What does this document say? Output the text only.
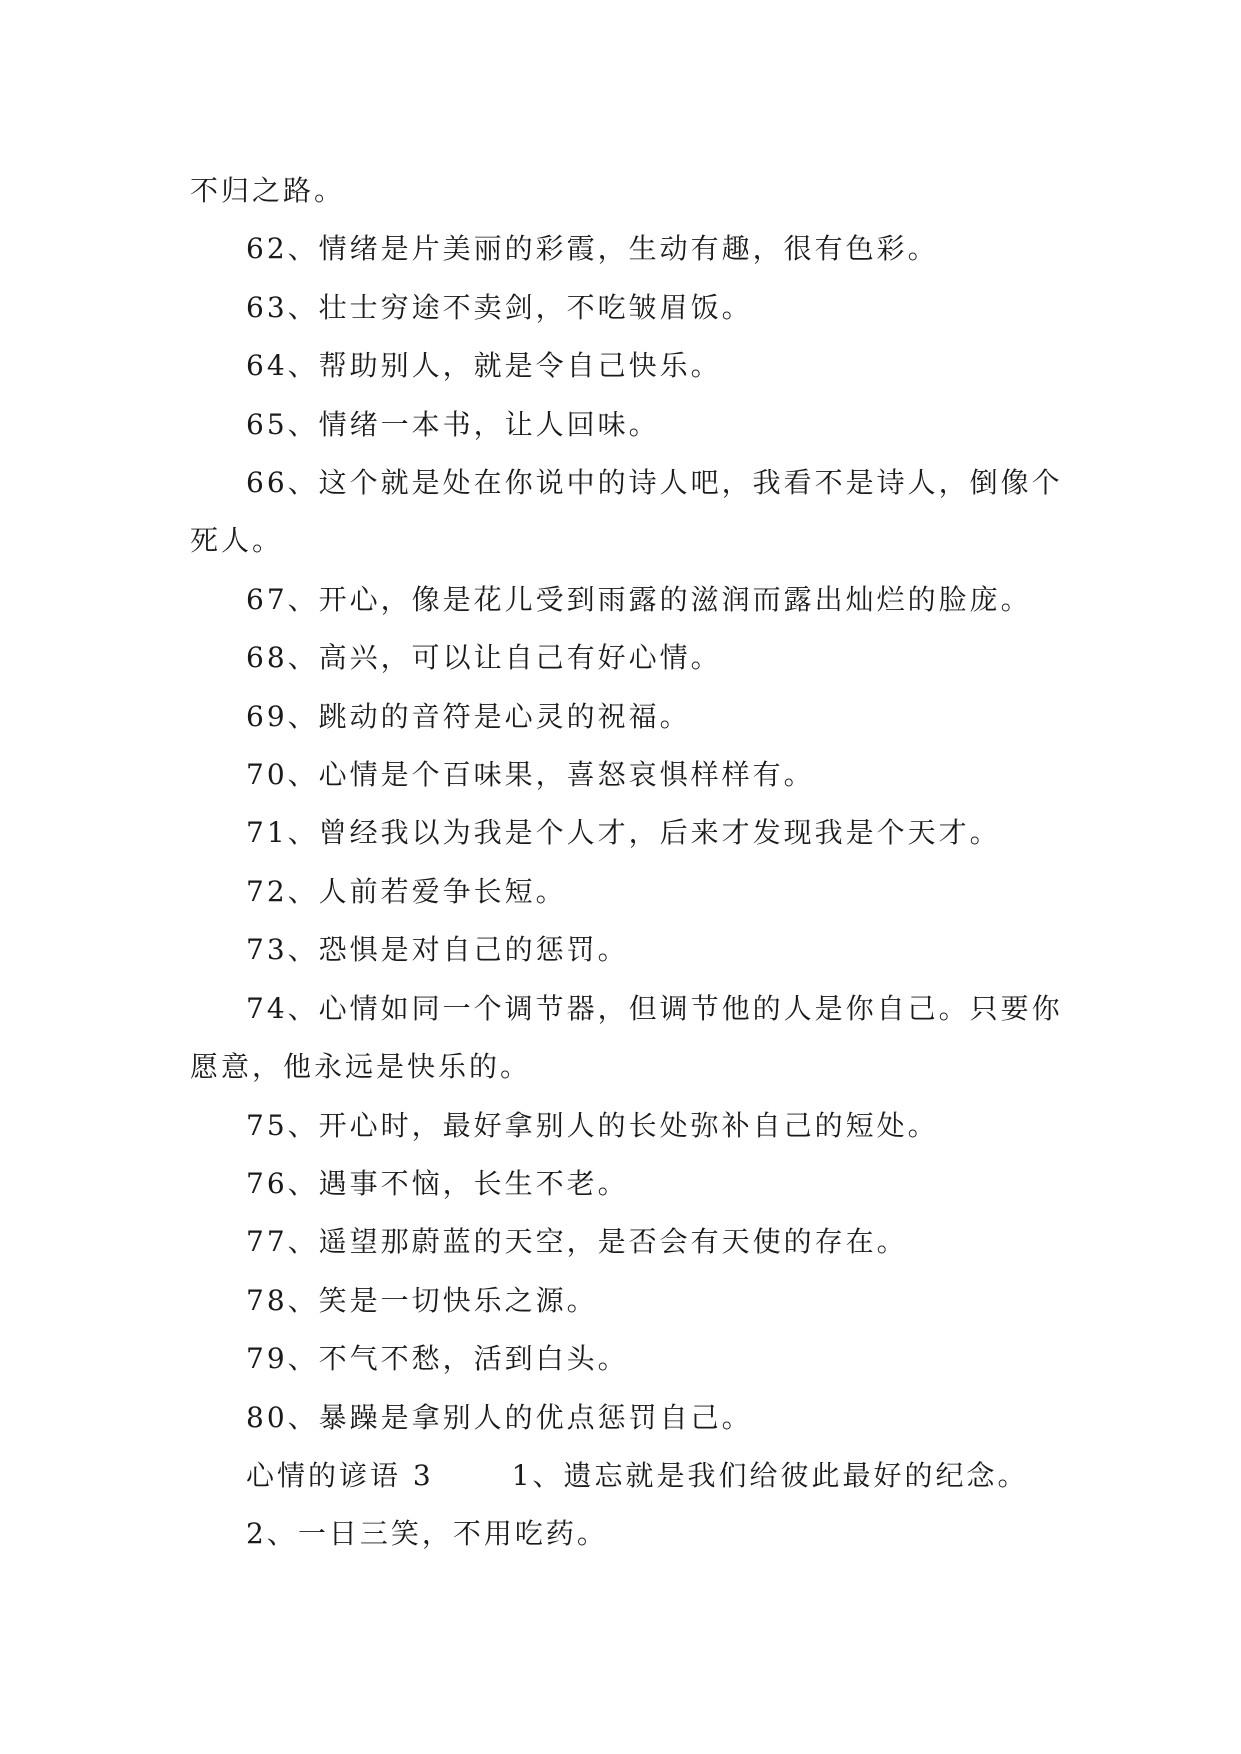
不归之路。

62、情绪是片美丽的彩霞，生动有趣，很有色彩。

63、壮士穷途不卖剑，不吃皱眉饭。

64、帮助别人，就是令自己快乐。

65、情绪一本书，让人回味。

66、这个就是处在你说中的诗人吧，我看不是诗人，倒像个死人。

67、开心，像是花儿受到雨露的滋润而露出灿烂的脸庞。

68、高兴，可以让自己有好心情。

69、跳动的音符是心灵的祝福。

70、心情是个百味果，喜怒哀惧样样有。

71、曾经我以为我是个人才，后来才发现我是个天才。

72、人前若爱争长短。

73、恐惧是对自己的惩罚。

74、心情如同一个调节器，但调节他的人是你自己。只要你愿意，他永远是快乐的。

75、开心时，最好拿别人的长处弥补自己的短处。

76、遇事不恼，长生不老。

77、遥望那蔚蓝的天空，是否会有天使的存在。

78、笑是一切快乐之源。

79、不气不愁，活到白头。

80、暴躁是拿别人的优点惩罚自己。

心情的谚语 3	1、遗忘就是我们给彼此最好的纪念。

2、一日三笑，不用吃药。
